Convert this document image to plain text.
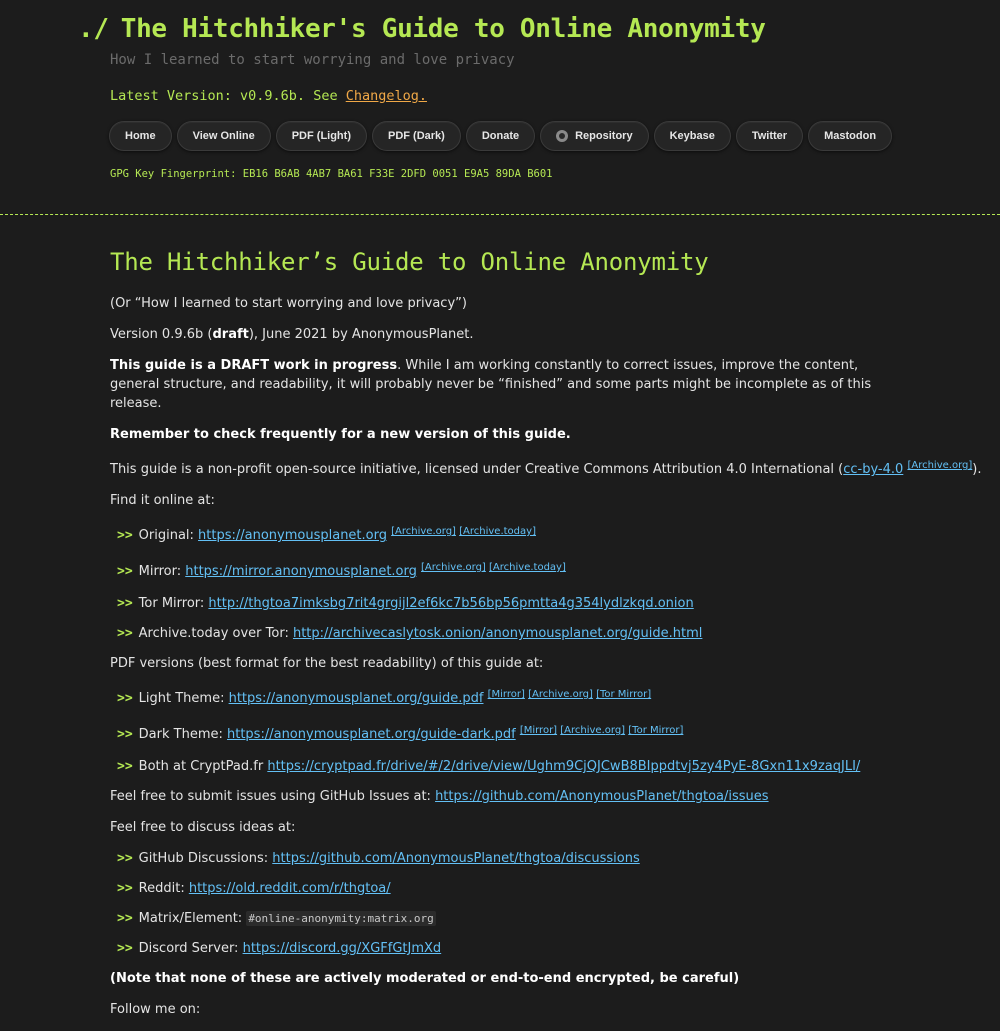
./ The Hitchhiker's Guide to Online Anonymity
How I learned to start worrying and love privacy
Latest Version: v0.9.6b. See Changelog.
Home	View Online	PDF (Light)	PDF (Dark)	Donate	Repository	Keybase	Twitter	Mastodon
GPG Key Fingerprint: EB16 B6AB 4AB7 BA61 F33E 2DFD 0051 E9A5 89DA B601
The Hitchhiker’s Guide to Online Anonymity

(Or “How I learned to start worrying and love privacy”)

Version 0.9.6b (draft), June 2021 by AnonymousPlanet.

This guide is a DRAFT work in progress. While I am working constantly to correct issues, improve the content, general structure, and readability, it will probably never be “finished” and some parts might be incomplete as of this release.

Remember to check frequently for a new version of this guide.

This guide is a non-profit open-source initiative, licensed under Creative Commons Attribution 4.0 International (cc-by-4.0 [Archive.org]).

Find it online at:

>> Original: https://anonymousplanet.org [Archive.org] [Archive.today]
>> Mirror: https://mirror.anonymousplanet.org [Archive.org] [Archive.today]
>> Tor Mirror: http://thgtoa7imksbg7rit4grgijl2ef6kc7b56bp56pmtta4g354lydlzkqd.onion
>> Archive.today over Tor: http://archivecaslytosk.onion/anonymousplanet.org/guide.html

PDF versions (best format for the best readability) of this guide at:

>> Light Theme: https://anonymousplanet.org/guide.pdf [Mirror] [Archive.org] [Tor Mirror]
>> Dark Theme: https://anonymousplanet.org/guide-dark.pdf [Mirror] [Archive.org] [Tor Mirror]
>> Both at CryptPad.fr https://cryptpad.fr/drive/#/2/drive/view/Ughm9CjQJCwB8BIppdtvj5zy4PyE-8Gxn11x9zaqJLI/

Feel free to submit issues using GitHub Issues at: https://github.com/AnonymousPlanet/thgtoa/issues

Feel free to discuss ideas at:

>> GitHub Discussions: https://github.com/AnonymousPlanet/thgtoa/discussions
>> Reddit: https://old.reddit.com/r/thgtoa/
>> Matrix/Element: #online-anonymity:matrix.org
>> Discord Server: https://discord.gg/XGFfGtJmXd

(Note that none of these are actively moderated or end-to-end encrypted, be careful)

Follow me on:
